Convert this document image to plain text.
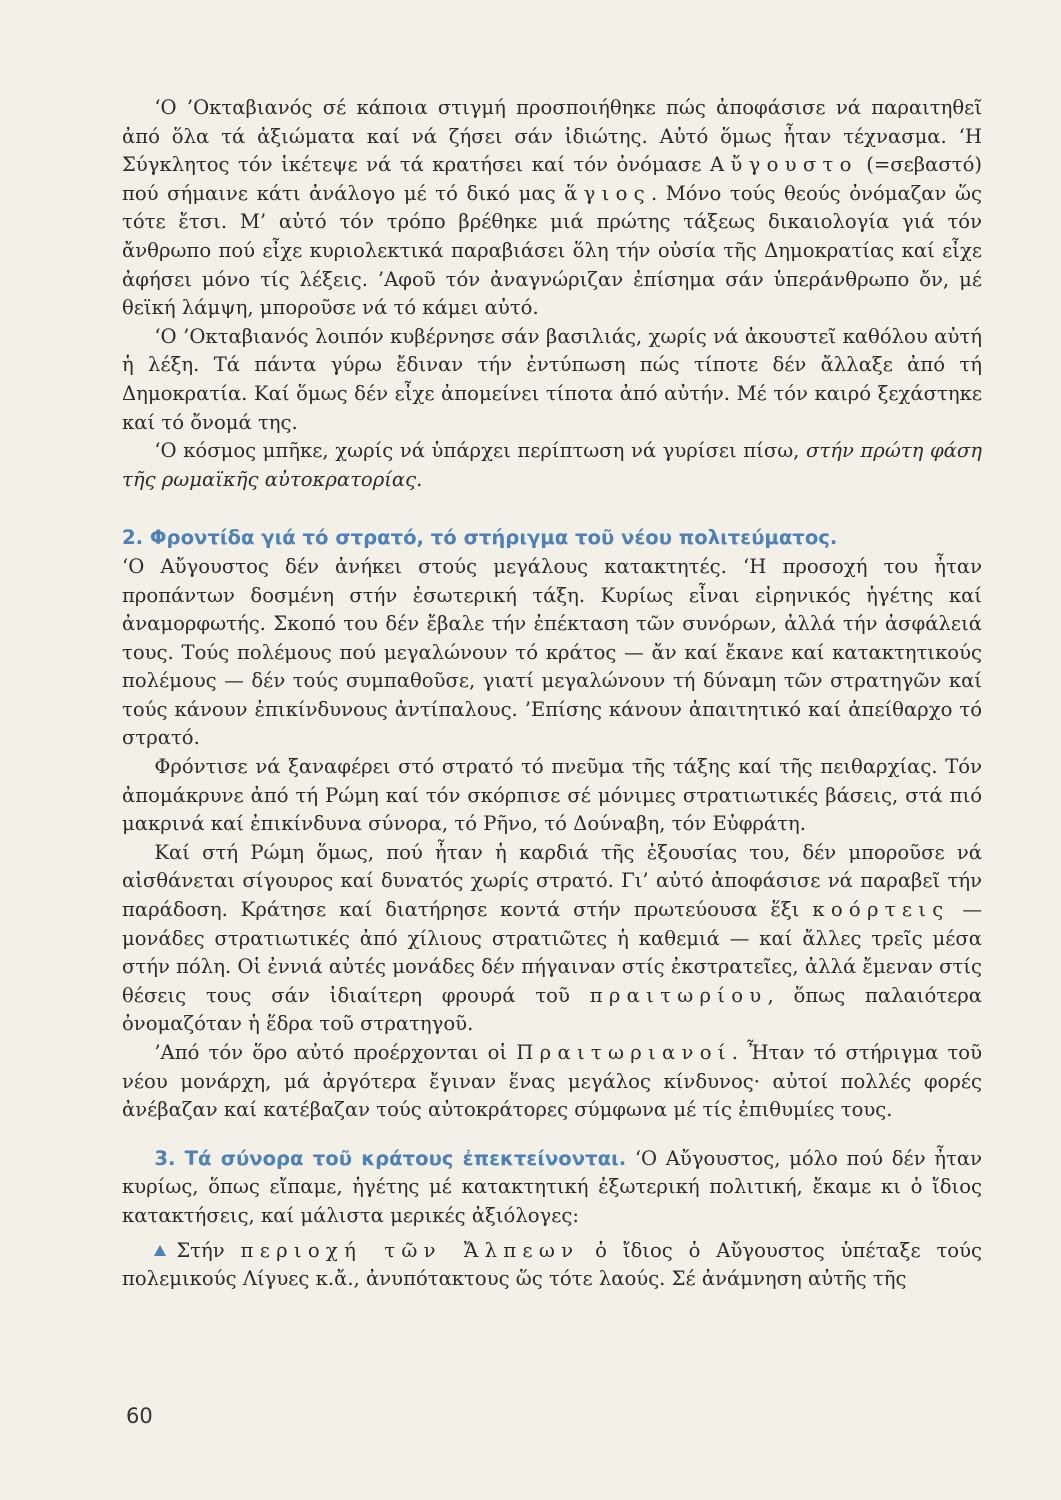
‘Ο ’Οκταβιανός σέ κάποια στιγμή προσποιήθηκε πώς ἀποφάσισε νά παραιτηθεῖ ἀπό ὅλα τά ἀξιώματα καί νά ζήσει σάν ἰδιώτης. Αὐτό ὅμως ἦταν τέχνασμα. ‘Η Σύγκλητος τόν ἱκέτεψε νά τά κρατήσει καί τόν ὀνόμασε Αὔγουστο (=σεβαστό) πού σήμαινε κάτι ἀνάλογο μέ τό δικό μας ἅγιος. Μόνο τούς θεούς ὀνόμαζαν ὥς τότε ἔτσι. Μ’ αὐτό τόν τρόπο βρέθηκε μιά πρώτης τάξεως δικαιολογία γιά τόν ἄνθρωπο πού εἶχε κυριολεκτικά παραβιάσει ὅλη τήν οὐσία τῆς Δημοκρατίας καί εἶχε ἀφήσει μόνο τίς λέξεις. ’Αφοῦ τόν ἀναγνώριζαν ἐπίσημα σάν ὑπεράνθρωπο ὄν, μέ θεϊκή λάμψη, μποροῦσε νά τό κάμει αὐτό.

‘Ο ’Οκταβιανός λοιπόν κυβέρνησε σάν βασιλιάς, χωρίς νά ἀκουστεῖ καθόλου αὐτή ἡ λέξη. Τά πάντα γύρω ἔδιναν τήν ἐντύπωση πώς τίποτε δέν ἄλλαξε ἀπό τή Δημοκρατία. Καί ὅμως δέν εἶχε ἀπομείνει τίποτα ἀπό αὐτήν. Μέ τόν καιρό ξεχάστηκε καί τό ὄνομά της.

‘Ο κόσμος μπῆκε, χωρίς νά ὑπάρχει περίπτωση νά γυρίσει πίσω, στήν πρώτη φάση τῆς ρωμαϊκῆς αὐτοκρατορίας.

2. Φροντίδα γιά τό στρατό, τό στήριγμα τοῦ νέου πολιτεύματος.

‘Ο Αὔγουστος δέν ἀνήκει στούς μεγάλους κατακτητές. ‘Η προσοχή του ἦταν προπάντων δοσμένη στήν ἐσωτερική τάξη. Κυρίως εἶναι εἰρηνικός ἡγέτης καί ἀναμορφωτής. Σκοπό του δέν ἔβαλε τήν ἐπέκταση τῶν συνόρων, ἀλλά τήν ἀσφάλειά τους. Τούς πολέμους πού μεγαλώνουν τό κράτος — ἄν καί ἔκανε καί κατακτητικούς πολέμους — δέν τούς συμπαθοῦσε, γιατί μεγαλώνουν τή δύναμη τῶν στρατηγῶν καί τούς κάνουν ἐπικίνδυνους ἀντίπαλους. ’Επίσης κάνουν ἀπαιτητικό καί ἀπείθαρχο τό στρατό.

Φρόντισε νά ξαναφέρει στό στρατό τό πνεῦμα τῆς τάξης καί τῆς πειθαρχίας. Τόν ἀπομάκρυνε ἀπό τή Ρώμη καί τόν σκόρπισε σέ μόνιμες στρατιωτικές βάσεις, στά πιό μακρινά καί ἐπικίνδυνα σύνορα, τό Ρῆνο, τό Δούναβη, τόν Εὐφράτη.

Καί στή Ρώμη ὅμως, πού ἦταν ἡ καρδιά τῆς ἐξουσίας του, δέν μποροῦσε νά αἰσθάνεται σίγουρος καί δυνατός χωρίς στρατό. Γι’ αὐτό ἀποφάσισε νά παραβεῖ τήν παράδοση. Κράτησε καί διατήρησε κοντά στήν πρωτεύουσα ἕξι κοόρτεις — μονάδες στρατιωτικές ἀπό χίλιους στρατιῶτες ἡ καθεμιά — καί ἄλλες τρεῖς μέσα στήν πόλη. Οἱ ἐννιά αὐτές μονάδες δέν πήγαιναν στίς ἐκστρατεῖες, ἀλλά ἔμεναν στίς θέσεις τους σάν ἰδιαίτερη φρουρά τοῦ πραιτωρίου, ὅπως παλαιότερα ὀνομαζόταν ἡ ἕδρα τοῦ στρατηγοῦ.

’Από τόν ὅρο αὐτό προέρχονται οἱ Πραιτωριανοί. Ἦταν τό στήριγμα τοῦ νέου μονάρχη, μά ἀργότερα ἔγιναν ἕνας μεγάλος κίνδυνος· αὐτοί πολλές φορές ἀνέβαζαν καί κατέβαζαν τούς αὐτοκράτορες σύμφωνα μέ τίς ἐπιθυμίες τους.

3. Τά σύνορα τοῦ κράτους ἐπεκτείνονται. ‘Ο Αὔγουστος, μόλο πού δέν ἦταν κυρίως, ὅπως εἴπαμε, ἡγέτης μέ κατακτητική ἐξωτερική πολιτική, ἔκαμε κι ὁ ἴδιος κατακτήσεις, καί μάλιστα μερικές ἀξιόλογες:

Στήν περιοχή τῶν Ἄλπεων ὁ ἴδιος ὁ Αὔγουστος ὑπέταξε τούς πολεμικούς Λίγυες κ.ἄ., ἀνυπότακτους ὥς τότε λαούς. Σέ ἀνάμνηση αὐτῆς τῆς

60
